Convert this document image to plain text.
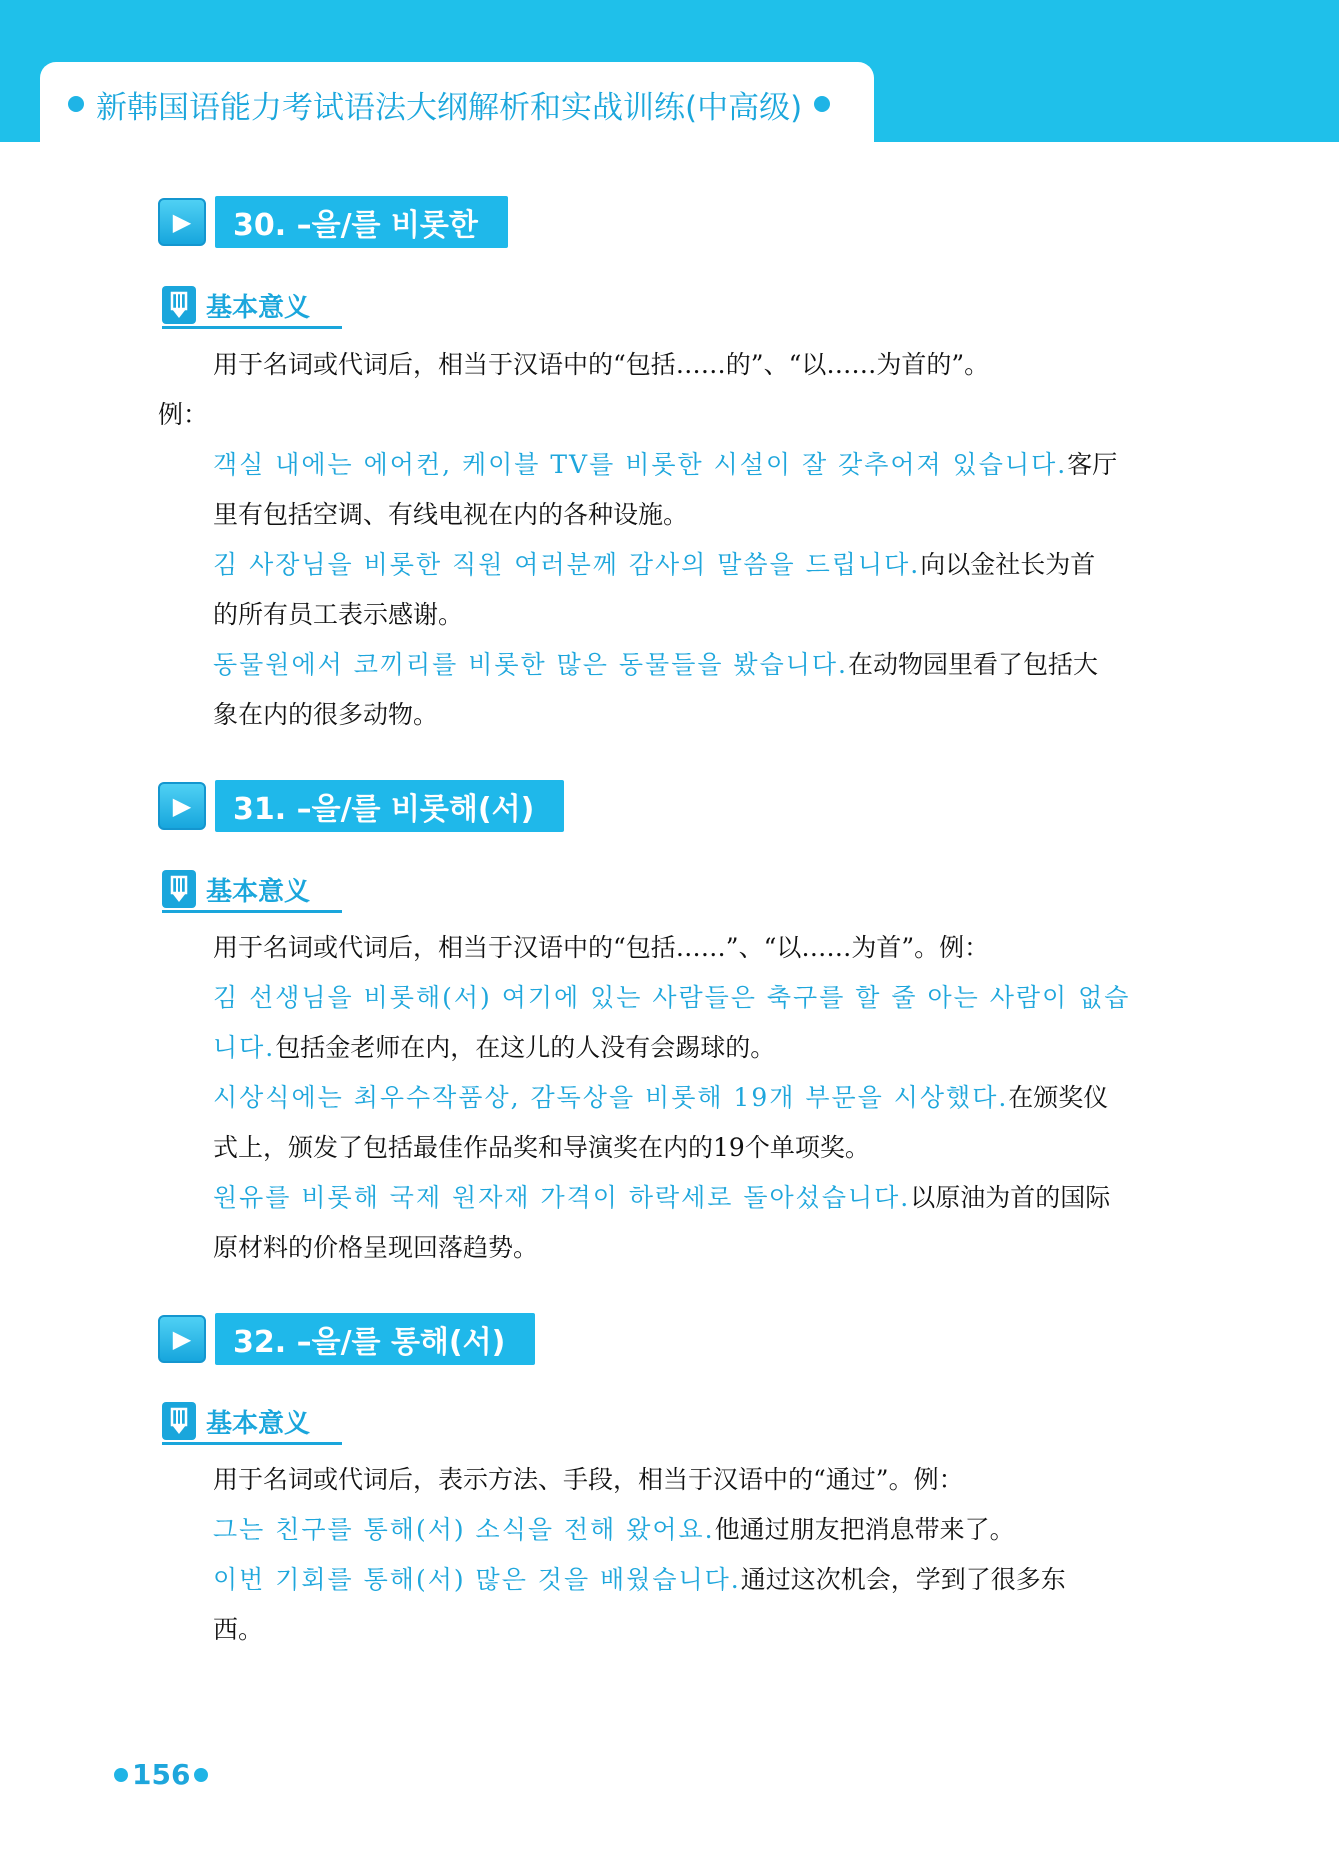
新韩国语能力考试语法大纲解析和实战训练(中高级)
▶	30. –을/를 비롯한
基本意义
用于名词或代词后，相当于汉语中的“包括……的”、“以……为首的”。
例：
객실 내에는 에어컨, 케이블 TV를 비롯한 시설이 잘 갖추어져 있습니다.客厅
里有包括空调、有线电视在内的各种设施。
김 사장님을 비롯한 직원 여러분께 감사의 말씀을 드립니다.向以金社长为首
的所有员工表示感谢。
동물원에서 코끼리를 비롯한 많은 동물들을 봤습니다.在动物园里看了包括大
象在内的很多动物。
▶	31. –을/를 비롯해(서)
基本意义
用于名词或代词后，相当于汉语中的“包括……”、“以……为首”。例：
김 선생님을 비롯해(서) 여기에 있는 사람들은 축구를 할 줄 아는 사람이 없습
니다.包括金老师在内，在这儿的人没有会踢球的。
시상식에는 최우수작품상, 감독상을 비롯해 19개 부문을 시상했다.在颁奖仪
式上，颁发了包括最佳作品奖和导演奖在内的19个单项奖。
원유를 비롯해 국제 원자재 가격이 하락세로 돌아섰습니다.以原油为首的国际
原材料的价格呈现回落趋势。
▶	32. –을/를 통해(서)
基本意义
用于名词或代词后，表示方法、手段，相当于汉语中的“通过”。例：
그는 친구를 통해(서) 소식을 전해 왔어요.他通过朋友把消息带来了。
이번 기회를 통해(서) 많은 것을 배웠습니다.通过这次机会，学到了很多东
西。
156
